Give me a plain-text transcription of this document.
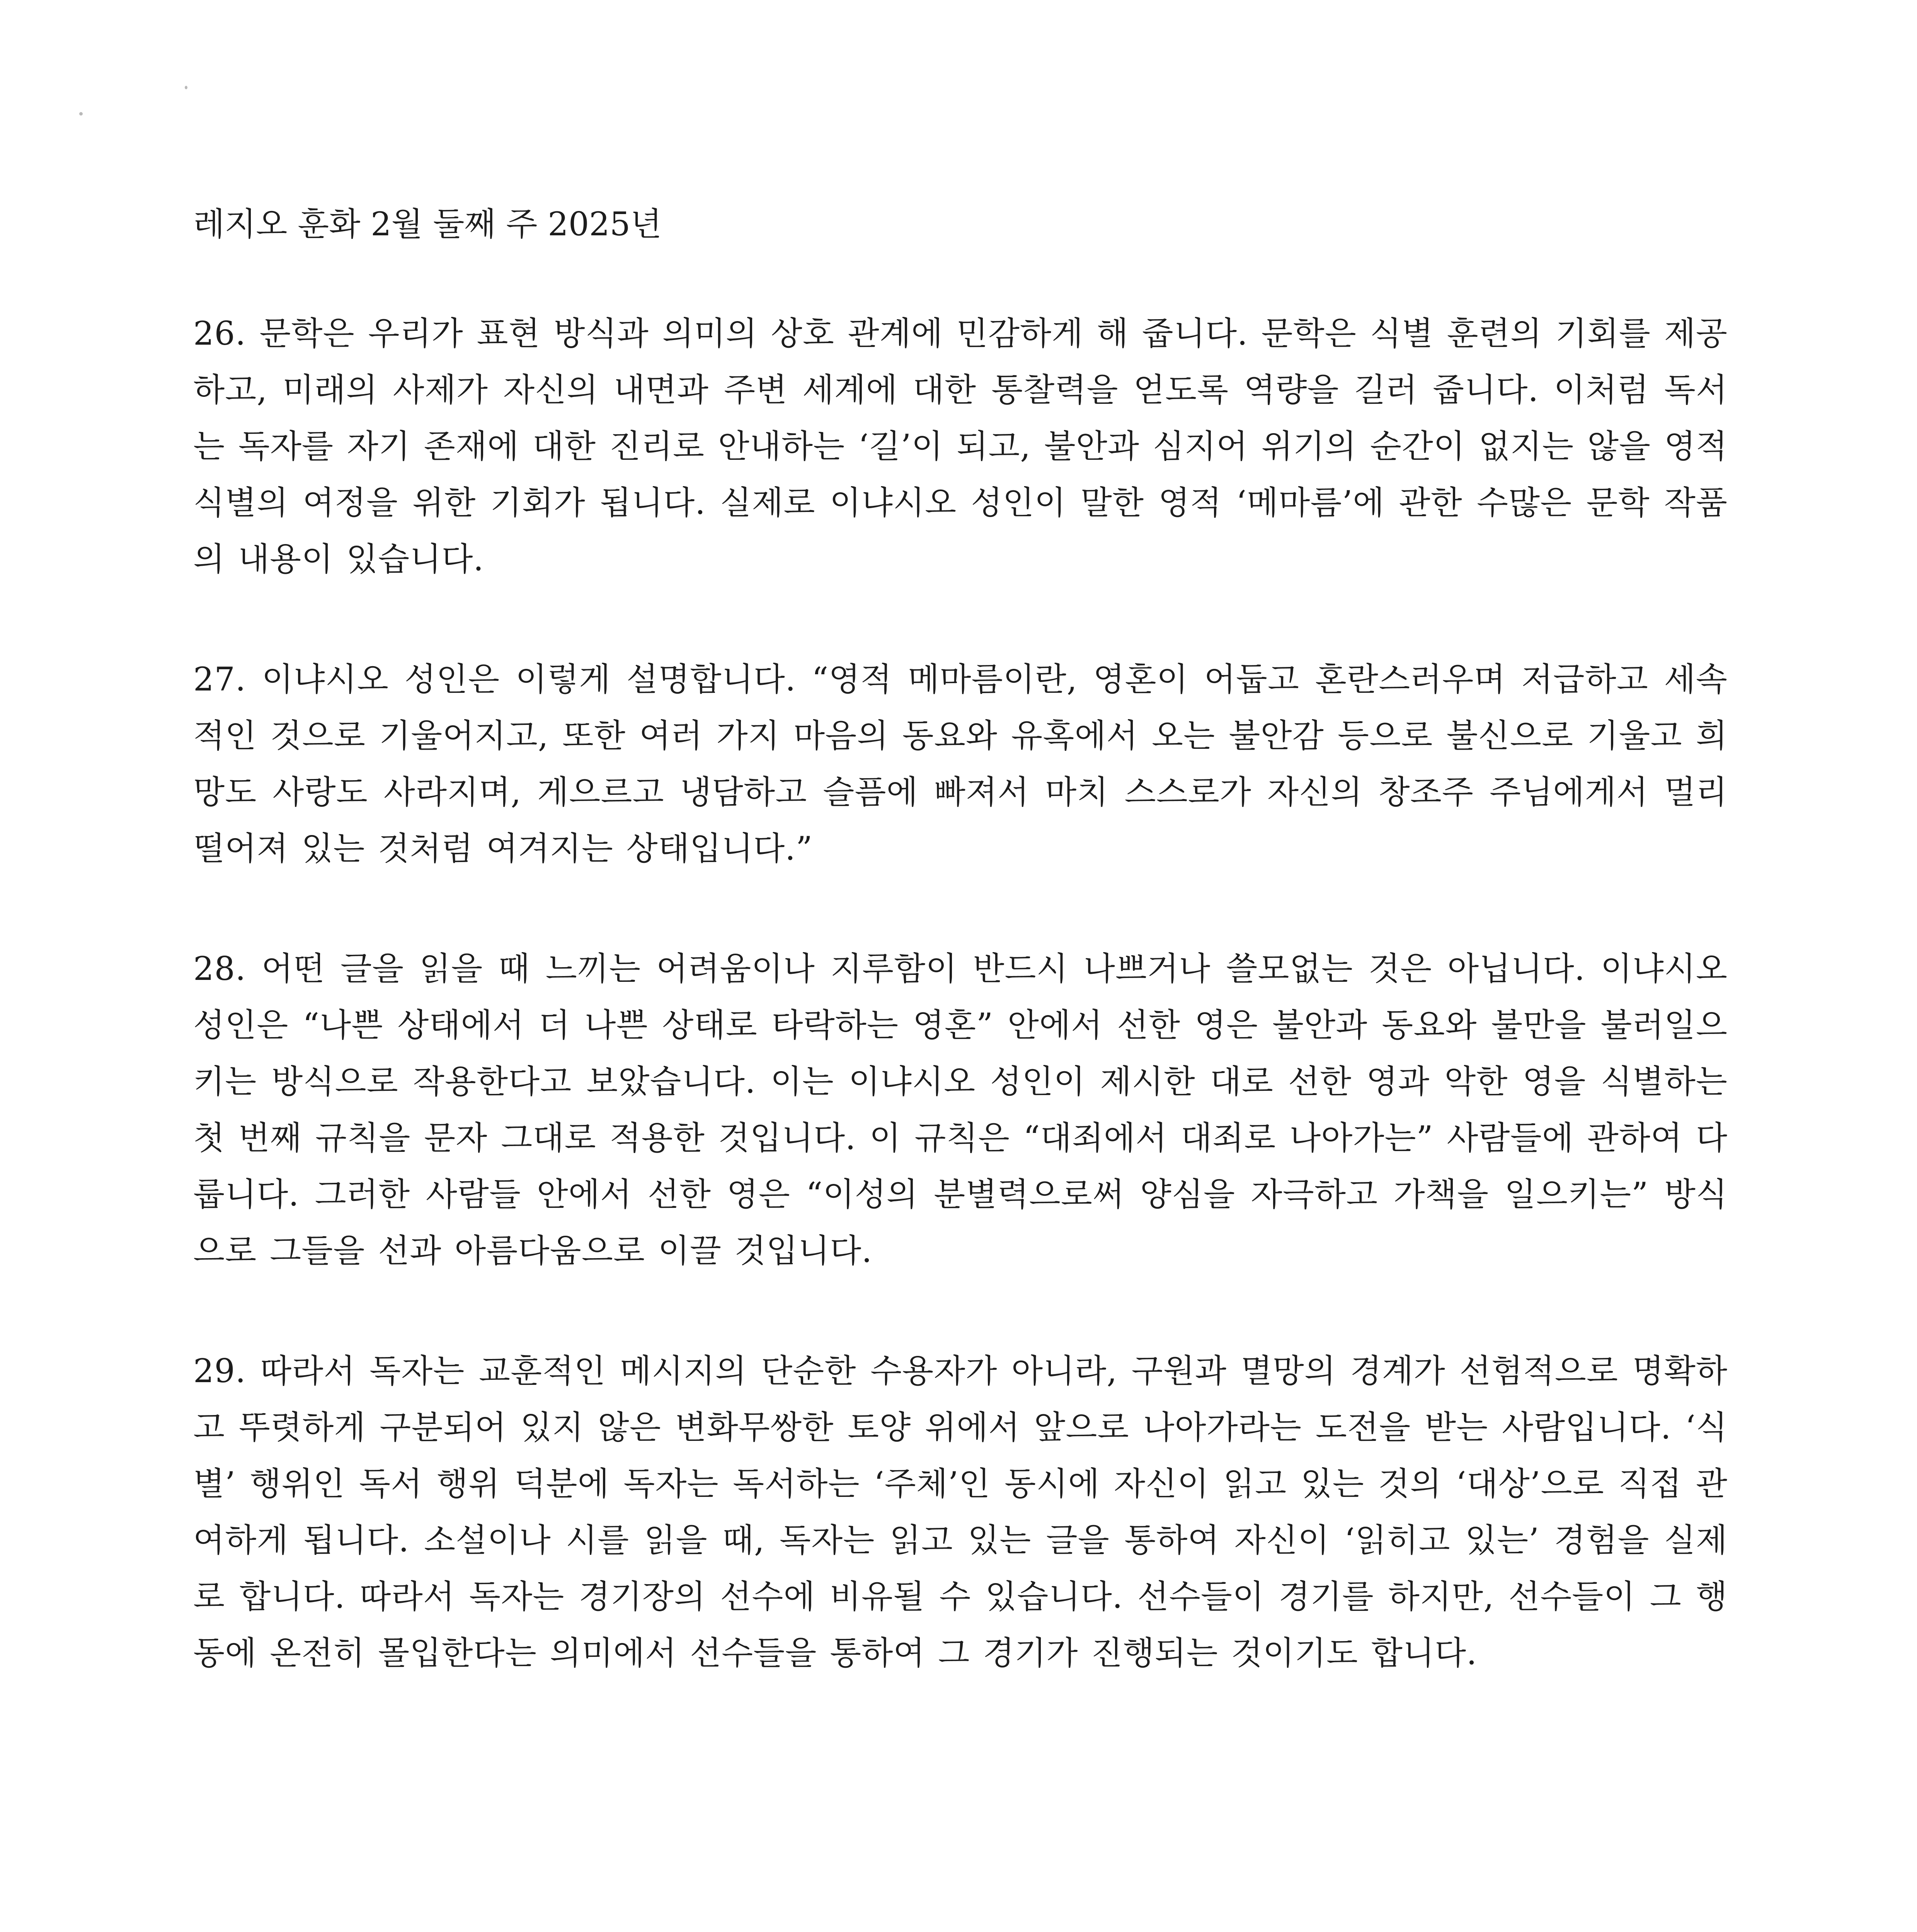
레지오 훈화 2월 둘째 주 2025년

26. 문학은 우리가 표현 방식과 의미의 상호 관계에 민감하게 해 줍니다. 문학은 식별 훈련의 기회를 제공하고, 미래의 사제가 자신의 내면과 주변 세계에 대한 통찰력을 얻도록 역량을 길러 줍니다. 이처럼 독서는 독자를 자기 존재에 대한 진리로 안내하는 ‘길’이 되고, 불안과 심지어 위기의 순간이 없지는 않을 영적 식별의 여정을 위한 기회가 됩니다. 실제로 이냐시오 성인이 말한 영적 ‘메마름’에 관한 수많은 문학 작품의 내용이 있습니다.

27. 이냐시오 성인은 이렇게 설명합니다. “영적 메마름이란, 영혼이 어둡고 혼란스러우며 저급하고 세속적인 것으로 기울어지고, 또한 여러 가지 마음의 동요와 유혹에서 오는 불안감 등으로 불신으로 기울고 희망도 사랑도 사라지며, 게으르고 냉담하고 슬픔에 빠져서 마치 스스로가 자신의 창조주 주님에게서 멀리 떨어져 있는 것처럼 여겨지는 상태입니다.”

28. 어떤 글을 읽을 때 느끼는 어려움이나 지루함이 반드시 나쁘거나 쓸모없는 것은 아닙니다. 이냐시오 성인은 “나쁜 상태에서 더 나쁜 상태로 타락하는 영혼” 안에서 선한 영은 불안과 동요와 불만을 불러일으키는 방식으로 작용한다고 보았습니다. 이는 이냐시오 성인이 제시한 대로 선한 영과 악한 영을 식별하는 첫 번째 규칙을 문자 그대로 적용한 것입니다. 이 규칙은 “대죄에서 대죄로 나아가는” 사람들에 관하여 다룹니다. 그러한 사람들 안에서 선한 영은 “이성의 분별력으로써 양심을 자극하고 가책을 일으키는” 방식으로 그들을 선과 아름다움으로 이끌 것입니다.

29. 따라서 독자는 교훈적인 메시지의 단순한 수용자가 아니라, 구원과 멸망의 경계가 선험적으로 명확하고 뚜렷하게 구분되어 있지 않은 변화무쌍한 토양 위에서 앞으로 나아가라는 도전을 받는 사람입니다. ‘식별’ 행위인 독서 행위 덕분에 독자는 독서하는 ‘주체’인 동시에 자신이 읽고 있는 것의 ‘대상’으로 직접 관여하게 됩니다. 소설이나 시를 읽을 때, 독자는 읽고 있는 글을 통하여 자신이 ‘읽히고 있는’ 경험을 실제로 합니다. 따라서 독자는 경기장의 선수에 비유될 수 있습니다. 선수들이 경기를 하지만, 선수들이 그 행동에 온전히 몰입한다는 의미에서 선수들을 통하여 그 경기가 진행되는 것이기도 합니다.
